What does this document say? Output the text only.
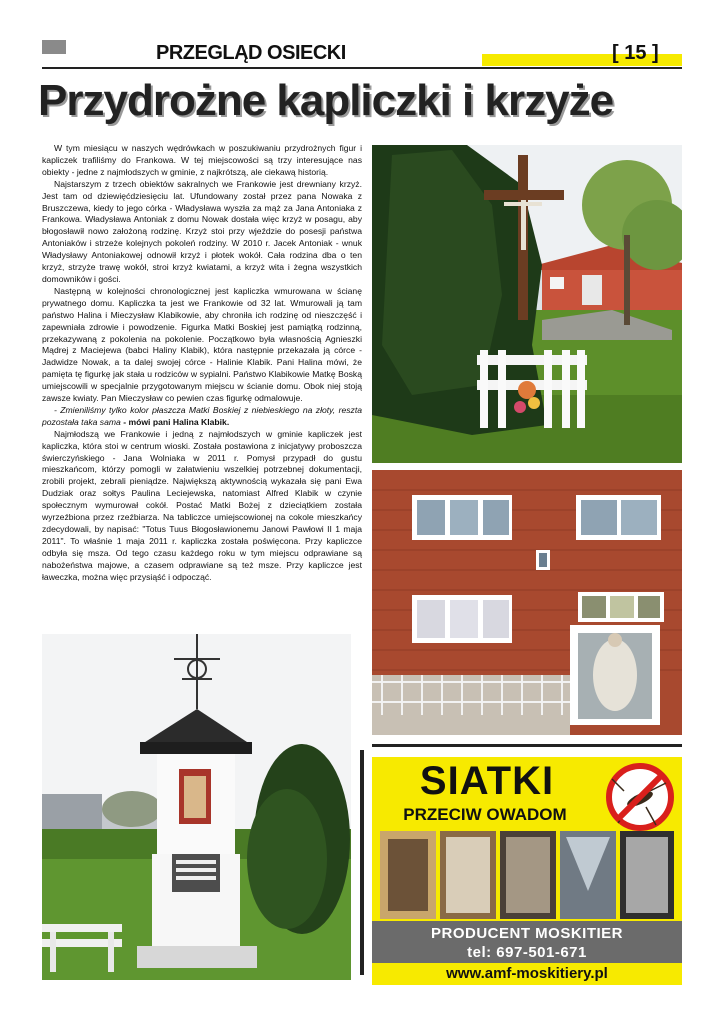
PRZEGLĄD OSIECKI	[ 15 ]
Przydrożne kapliczki i krzyże

W tym miesiącu w naszych wędrówkach w poszukiwaniu przydrożnych figur i kapliczek trafiliśmy do Frankowa. W tej miejscowości są trzy interesujące nas obiekty - jedne z najmłodszych w gminie, z najkrótszą, ale ciekawą historią.

Najstarszym z trzech obiektów sakralnych we Frankowie jest drewniany krzyż. Jest tam od dziewięćdziesięciu lat. Ufundowany został przez pana Nowaka z Bruszczewa, kiedy to jego córka - Władysława wyszła za mąż za Jana Antoniaka z Frankowa. Władysława Antoniak z domu Nowak dostała więc krzyż w posagu, aby błogosławił nowo założoną rodzinę. Krzyż stoi przy wjeździe do posesji państwa Antoniaków i strzeże kolejnych pokoleń rodziny. W 2010 r. Jacek Antoniak - wnuk Władysławy Antoniakowej odnowił krzyż i płotek wokół. Cała rodzina dba o ten krzyż, strzyże trawę wokół, stroi krzyż kwiatami, a krzyż wita i żegna wszystkich domowników i gości.

Następną w kolejności chronologicznej jest kapliczka wmurowana w ścianę prywatnego domu. Kapliczka ta jest we Frankowie od 32 lat. Wmurowali ją tam państwo Halina i Mieczysław Klabikowie, aby chroniła ich rodzinę od nieszczęść i zapewniała zdrowie i powodzenie. Figurka Matki Boskiej jest pamiątką rodzinną, przekazywaną z pokolenia na pokolenie. Początkowo była własnością Agnieszki Mądrej z Maciejewa (babci Haliny Klabik), która następnie przekazała ją córce - Jadwidze Nowak, a ta dalej swojej córce - Halinie Klabik. Pani Halina mówi, że pamięta tę figurkę jak stała u rodziców w sypialni. Państwo Klabikowie Matkę Boską umiejscowili w specjalnie przygotowanym miejscu w ścianie domu. Obok niej stoją zawsze kwiaty. Pan Mieczysław co pewien czas figurkę odmalowuje.

- Zmieniliśmy tylko kolor płaszcza Matki Boskiej z niebieskiego na złoty, reszta pozostała taka sama - mówi pani Halina Klabik.

Najmłodszą we Frankowie i jedną z najmłodszych w gminie kapliczek jest kapliczka, która stoi w centrum wioski. Została postawiona z inicjatywy proboszcza świerczyńskiego - Jana Wolniaka w 2011 r. Pomysł przypadł do gustu mieszkańcom, którzy pomogli w załatwieniu wszelkiej potrzebnej dokumentacji, zrobili projekt, zebrali pieniądze. Największą aktywnością wykazała się pani Ewa Dudziak oraz sołtys Paulina Leciejewska, natomiast Alfred Klabik w czynie społecznym wymurował cokół. Postać Matki Bożej z dzieciątkiem została wyrzeźbiona przez rzeźbiarza. Na tabliczce umiejscowionej na cokole mieszkańcy zdecydowali, by napisać: "Totus Tuus Błogosławionemu Janowi Pawłowi II 1 maja 2011". To właśnie 1 maja 2011 r. kapliczka została poświęcona. Przy kapliczce odbyła się msza. Od tego czasu każdego roku w tym miejscu odprawiane są nabożeństwa majowe, a czasem odprawiane są też msze. Przy kapliczce jest ławeczka, można więc przysiąść i odpocząć.

SIATKI
PRZECIW OWADOM
PRODUCENT MOSKITIER
tel: 697-501-671
www.amf-moskitiery.pl
